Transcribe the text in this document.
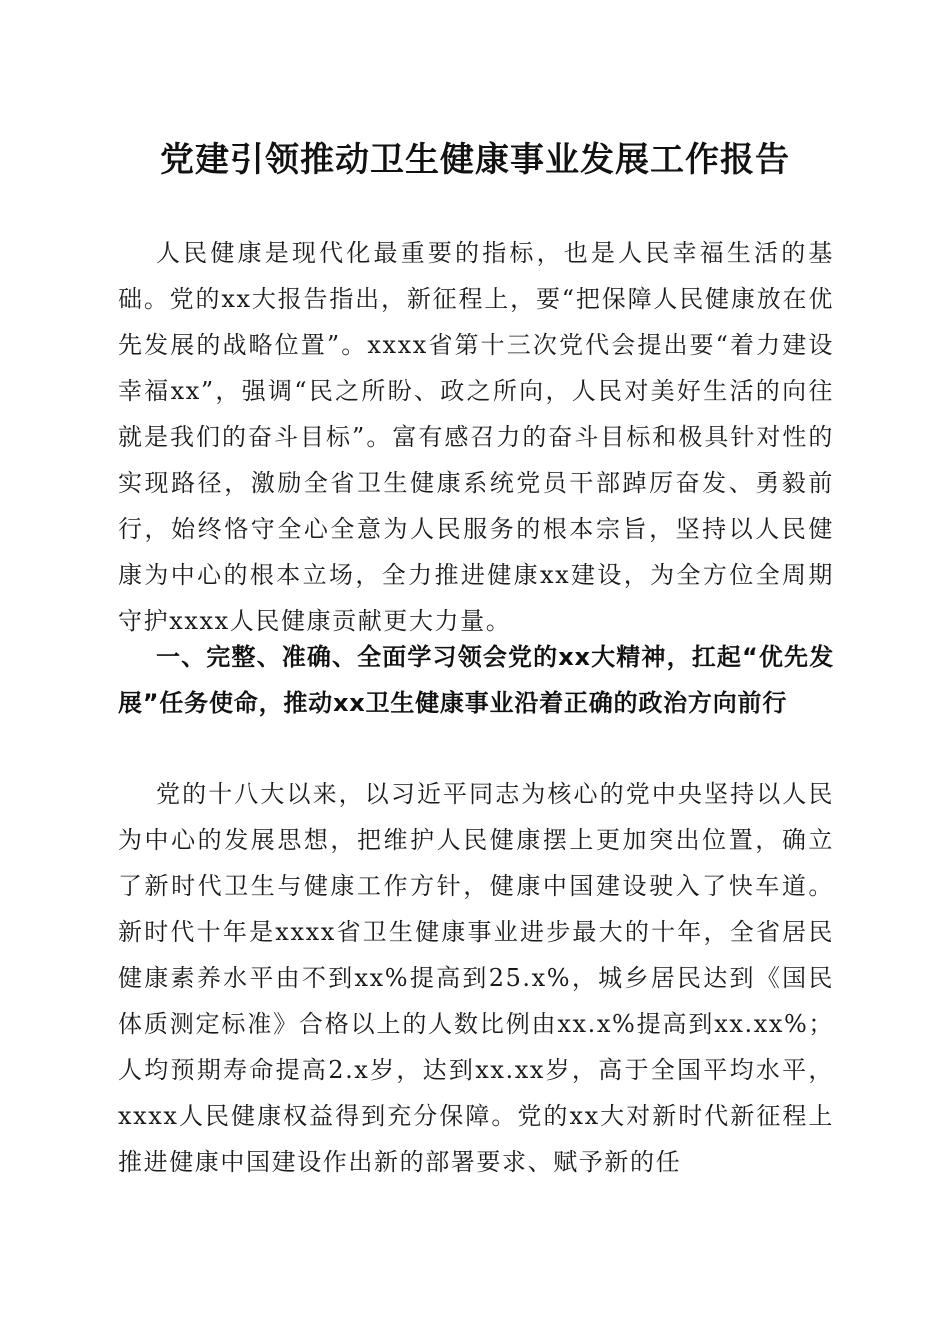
党建引领推动卫生健康事业发展工作报告

人民健康是现代化最重要的指标，也是人民幸福生活的基础。党的xx大报告指出，新征程上，要“把保障人民健康放在优先发展的战略位置”。xxxx省第十三次党代会提出要“着力建设幸福xx”，强调“民之所盼、政之所向，人民对美好生活的向往就是我们的奋斗目标”。富有感召力的奋斗目标和极具针对性的实现路径，激励全省卫生健康系统党员干部踔厉奋发、勇毅前行，始终恪守全心全意为人民服务的根本宗旨，坚持以人民健康为中心的根本立场，全力推进健康xx建设，为全方位全周期守护xxxx人民健康贡献更大力量。

一、完整、准确、全面学习领会党的xx大精神，扛起“优先发展”任务使命，推动xx卫生健康事业沿着正确的政治方向前行

党的十八大以来，以习近平同志为核心的党中央坚持以人民为中心的发展思想，把维护人民健康摆上更加突出位置，确立了新时代卫生与健康工作方针，健康中国建设驶入了快车道。新时代十年是xxxx省卫生健康事业进步最大的十年，全省居民健康素养水平由不到xx%提高到25.x%，城乡居民达到《国民体质测定标准》合格以上的人数比例由xx.x%提高到xx.xx%；人均预期寿命提高2.x岁，达到xx.xx岁，高于全国平均水平，xxxx人民健康权益得到充分保障。党的xx大对新时代新征程上推进健康中国建设作出新的部署要求、赋予新的任
